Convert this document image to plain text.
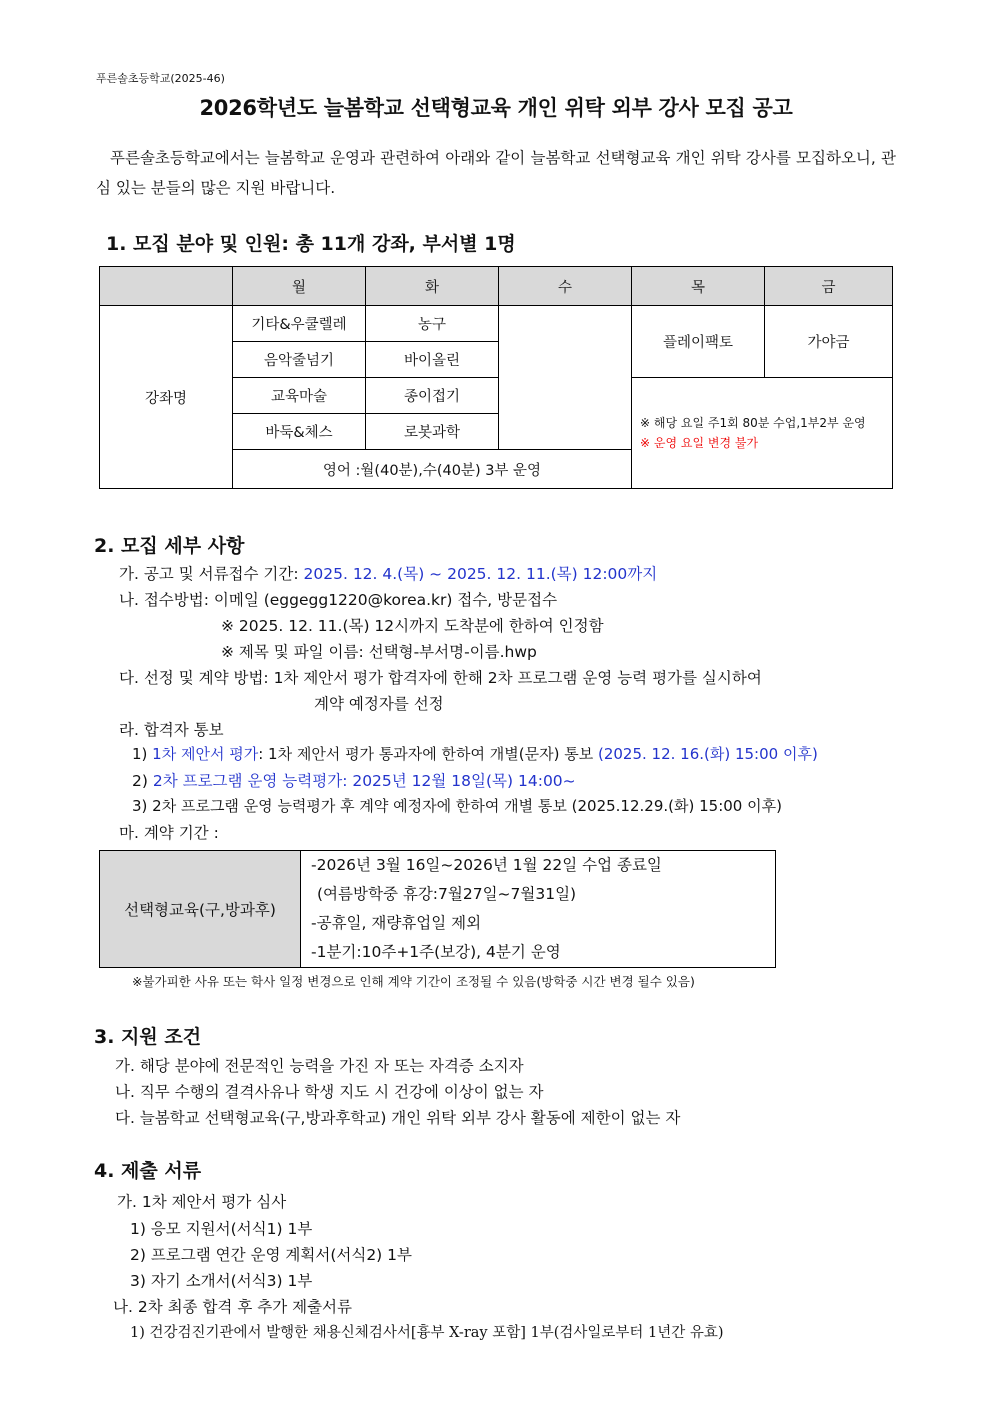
푸른솔초등학교(2025-46)
2026학년도 늘봄학교 선택형교육 개인 위탁 외부 강사 모집 공고
푸른솔초등학교에서는 늘봄학교 운영과 관련하여 아래와 같이 늘봄학교 선택형교육 개인 위탁 강사를 모집하오니, 관심 있는 분들의 많은 지원 바랍니다.
1. 모집 분야 및 인원: 총 11개 강좌, 부서별 1명
	월	화	수	목	금
강좌명	기타&우쿨렐레	농구		플레이팩토	가야금
	음악줄넘기	바이올린			
	교육마술	종이접기		※ 해당 요일 주1회 80분 수업,1부2부 운영
※ 운영 요일 변경 불가	

	바둑&체스	로봇과학			
	영어 :월(40분),수(40분) 3부 운영				
2. 모집 세부 사항
가. 공고 및 서류접수 기간: 2025. 12. 4.(목) ~ 2025. 12. 11.(목) 12:00까지
나. 접수방법: 이메일 (eggegg1220@korea.kr) 접수, 방문접수
※ 2025. 12. 11.(목) 12시까지 도착분에 한하여 인정함
※ 제목 및 파일 이름: 선택형-부서명-이름.hwp
다. 선정 및 계약 방법: 1차 제안서 평가 합격자에 한해 2차 프로그램 운영 능력 평가를 실시하여
계약 예정자를 선정
라. 합격자 통보
1) 1차 제안서 평가: 1차 제안서 평가 통과자에 한하여 개별(문자) 통보 (2025. 12. 16.(화) 15:00 이후)
2) 2차 프로그램 운영 능력평가: 2025년 12월 18일(목) 14:00~
3) 2차 프로그램 운영 능력평가 후 계약 예정자에 한하여 개별 통보 (2025.12.29.(화) 15:00 이후)
마. 계약 기간 :
선택형교육(구,방과후)	
-2026년 3월 16일~2026년 1월 22일 수업 종료일
(여름방학중 휴강:7월27일~7월31일)
-공휴일, 재량휴업일 제외
-1분기:10주+1주(보강), 4분기 운영
※불가피한 사유 또는 학사 일정 변경으로 인해 계약 기간이 조정될 수 있음(방학중 시간 변경 될수 있음)
3. 지원 조건
가. 해당 분야에 전문적인 능력을 가진 자 또는 자격증 소지자
나. 직무 수행의 결격사유나 학생 지도 시 건강에 이상이 없는 자
다. 늘봄학교 선택형교육(구,방과후학교) 개인 위탁 외부 강사 활동에 제한이 없는 자
4. 제출 서류
가. 1차 제안서 평가 심사
1) 응모 지원서(서식1) 1부
2) 프로그램 연간 운영 계획서(서식2) 1부
3) 자기 소개서(서식3) 1부
나. 2차 최종 합격 후 추가 제출서류
1) 건강검진기관에서 발행한 채용신체검사서[흉부 X-ray 포함] 1부(검사일로부터 1년간 유효)
